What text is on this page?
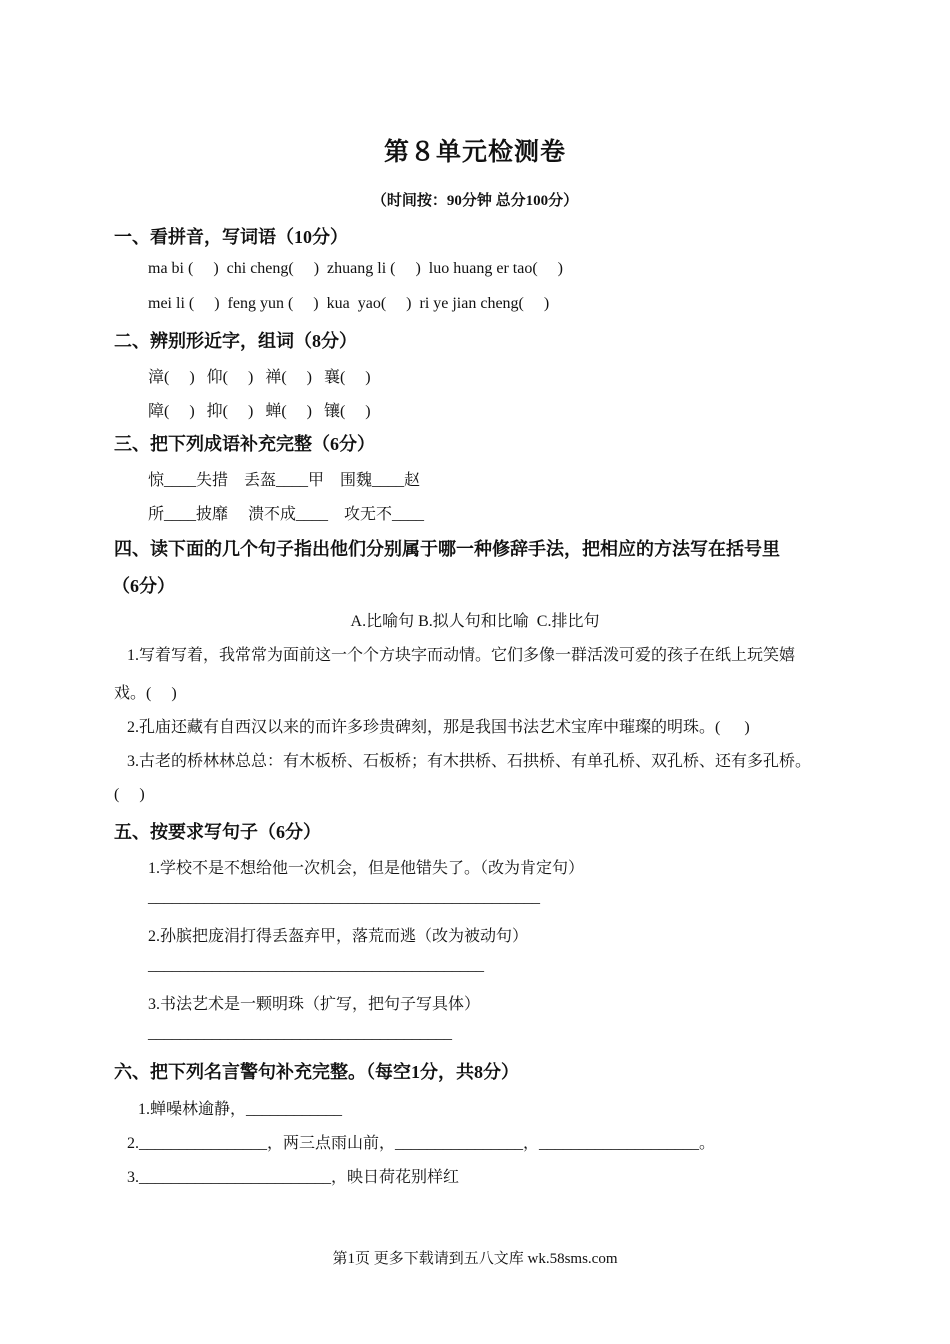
第８单元检测卷
（时间按：90分钟 总分100分）
一、看拼音，写词语（10分）
ma bi (     )  chi cheng(     )  zhuang li (     )  luo huang er tao(     )
mei li (     )  feng yun (     )  kua  yao(     )  ri ye jian cheng(     )
二、辨别形近字，组词（8分）
漳(     )   仰(     )   禅(     )   襄(     )
障(     )   抑(     )   蝉(     )   镶(     )
三、把下列成语补充完整（6分）
惊____失措    丢盔____甲    围魏____赵
所____披靡     溃不成____    攻无不____
四、读下面的几个句子指出他们分别属于哪一种修辞手法，把相应的方法写在括号里
（6分）
A.比喻句 B.拟人句和比喻  C.排比句
1.写着写着，我常常为面前这一个个方块字而动情。它们多像一群活泼可爱的孩子在纸上玩笑嬉
戏。(     )
2.孔庙还藏有自西汉以来的而许多珍贵碑刻，那是我国书法艺术宝库中璀璨的明珠。(      )
3.古老的桥林林总总：有木板桥、石板桥；有木拱桥、石拱桥、有单孔桥、双孔桥、还有多孔桥。
(     )
五、按要求写句子（6分）
1.学校不是不想给他一次机会，但是他错失了。（改为肯定句）
_________________________________________________
2.孙膑把庞涓打得丢盔弃甲，落荒而逃（改为被动句）
__________________________________________
3.书法艺术是一颗明珠（扩写，把句子写具体）
______________________________________
六、把下列名言警句补充完整。（每空1分，共8分）
1.蝉噪林逾静，____________
2.________________，两三点雨山前，________________，____________________。
3.________________________，映日荷花别样红
第1页 更多下载请到五八文库 wk.58sms.com
